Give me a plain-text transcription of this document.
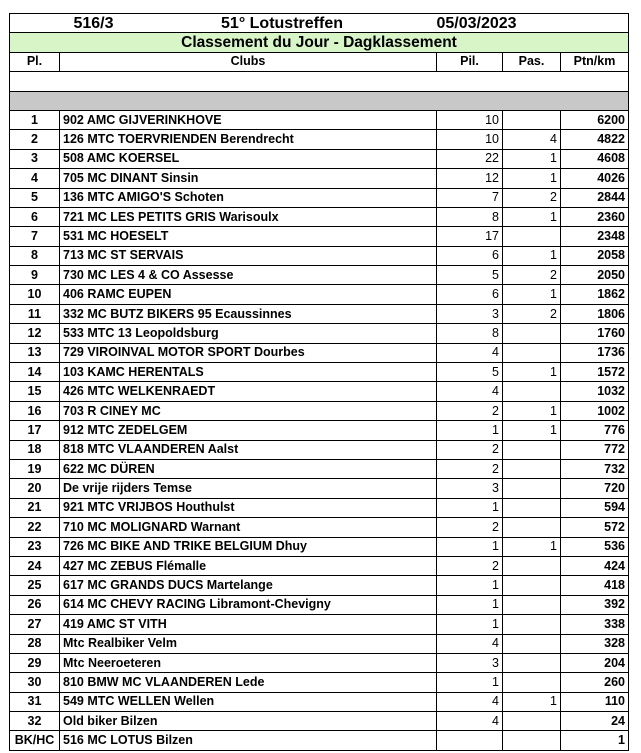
516/3 51° Lotustreffen		05/03/2023		
Classement du Jour - Dagklassement				
Pl.	Clubs	Pil.	Pas.	Ptn/km

1	902 AMC GIJVERINKHOVE	10		6200
2	126 MTC TOERVRIENDEN Berendrecht	10	4	4822
3	508 AMC KOERSEL	22	1	4608
4	705 MC DINANT Sinsin	12	1	4026
5	136 MTC AMIGO'S Schoten	7	2	2844
6	721 MC LES PETITS GRIS Warisoulx	8	1	2360
7	531 MC HOESELT	17		2348
8	713 MC ST SERVAIS	6	1	2058
9	730 MC LES 4 & CO Assesse	5	2	2050
10	406 RAMC EUPEN	6	1	1862
11	332 MC BUTZ BIKERS 95 Ecaussinnes	3	2	1806
12	533 MTC 13 Leopoldsburg	8		1760
13	729 VIROINVAL MOTOR SPORT Dourbes	4		1736
14	103 KAMC HERENTALS	5	1	1572
15	426 MTC WELKENRAEDT	4		1032
16	703 R CINEY MC	2	1	1002
17	912 MTC ZEDELGEM	1	1	776
18	818 MTC VLAANDEREN Aalst	2		772
19	622 MC DÜREN	2		732
20	De vrije rijders Temse	3		720
21	921 MTC VRIJBOS Houthulst	1		594
22	710 MC MOLIGNARD Warnant	2		572
23	726 MC BIKE AND TRIKE BELGIUM Dhuy	1	1	536
24	427 MC ZEBUS Flémalle	2		424
25	617 MC GRANDS DUCS Martelange	1		418
26	614 MC CHEVY RACING Libramont-Chevigny	1		392
27	419 AMC ST VITH	1		338
28	Mtc Realbiker Velm	4		328
29	Mtc Neeroeteren	3		204
30	810 BMW MC VLAANDEREN Lede	1		260
31	549 MTC WELLEN Wellen	4	1	110
32	Old biker Bilzen	4		24
BK/HC	516 MC LOTUS Bilzen			1
